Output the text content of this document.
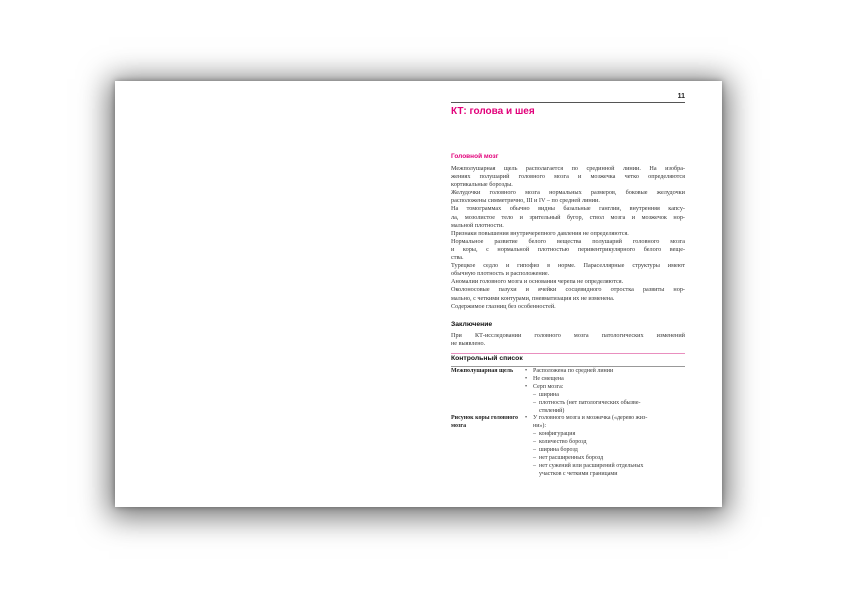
11
КТ: голова и шея
Головной мозг
Межполушарная щель располагается по срединной линии. На изобра-
жениях полушарий головного мозга и мозжечка четко определяются
кортикальные борозды.
Желудочки головного мозга нормальных размеров, боковые желудочки
расположены симметрично, III и IV – по средней линии.
На томограммах обычно видны базальные ганглии, внутренняя капсу-
ла, мозолистое тело и зрительный бугор, ствол мозга и мозжечок нор-
мальной плотности.
Признаки повышения внутричерепного давления не определяются.
Нормальное развитие белого вещества полушарий головного мозга
и коры, с нормальной плотностью перивентрикулярного белого веще-
ства.
Турецкое седло и гипофиз в норме. Параселлярные структуры имеют
обычную плотность и расположение.
Аномалии головного мозга и основания черепа не определяются.
Околоносовые пазухи и ячейки сосцевидного отростка развиты нор-
мально, с четкими контурами, пневматизация их не изменена.
Содержимое глазниц без особенностей.
Заключение
При КТ-исследовании головного мозга патологических изменений
не выявлено.
Контрольный список
Межполушарная щель	• Расположена по средней линии
• Не смещена
• Серп мозга:
– ширина
– плотность (нет патологических обызве-
ствлений)
Рисунок коры головного мозга
• У головного мозга и мозжечка («дерево жиз-
ни»):
– конфигурация
– количество борозд
– ширина борозд
– нет расширенных борозд
– нет сужений или расширений отдельных
участков с четкими границами
